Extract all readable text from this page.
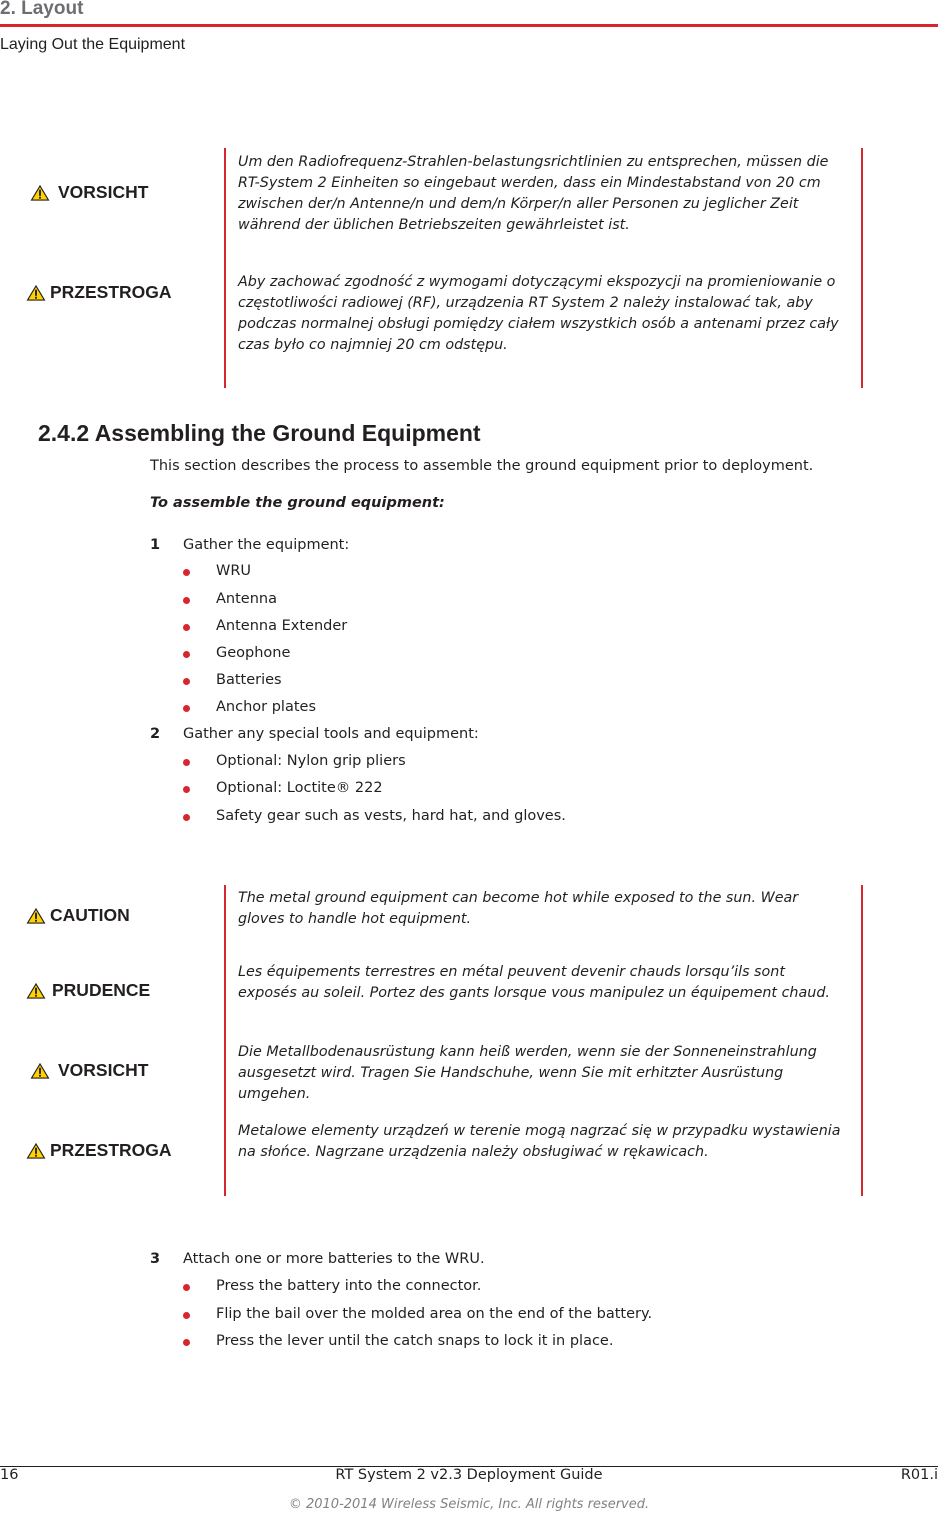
2. Layout
Laying Out the Equipment
VORSICHT
Um den Radiofrequenz-Strahlen-belastungsrichtlinien zu entsprechen, müssen die RT-System 2 Einheiten so eingebaut werden, dass ein Mindestabstand von 20 cm zwischen der/n Antenne/n und dem/n Körper/n aller Personen zu jeglicher Zeit während der üblichen Betriebszeiten gewährleistet ist.
PRZESTROGA	Aby zachować zgodność z wymogami dotyczącymi ekspozycji na promieniowanie o częstotliwości radiowej (RF), urządzenia RT System 2 należy instalować tak, aby podczas normalnej obsługi pomiędzy ciałem wszystkich osób a antenami przez cały czas było co najmniej 20 cm odstępu.
2.4.2 Assembling the Ground Equipment
This section describes the process to assemble the ground equipment prior to deployment.
To assemble the ground equipment:
1 Gather the equipment:
WRU
Antenna
Antenna Extender
Geophone
Batteries
Anchor plates
2 Gather any special tools and equipment:
Optional: Nylon grip pliers
Optional: Loctite® 222
Safety gear such as vests, hard hat, and gloves.
CAUTION
The metal ground equipment can become hot while exposed to the sun. Wear gloves to handle hot equipment.
PRUDENCE
Les équipements terrestres en métal peuvent devenir chauds lorsqu’ils sont exposés au soleil. Portez des gants lorsque vous manipulez un équipement chaud.
VORSICHT
Die Metallbodenausrüstung kann heiß werden, wenn sie der Sonneneinstrahlung ausgesetzt wird. Tragen Sie Handschuhe, wenn Sie mit erhitzter Ausrüstung umgehen.
PRZESTROGA
Metalowe elementy urządzeń w terenie mogą nagrzać się w przypadku wystawienia na słońce. Nagrzane urządzenia należy obsługiwać w rękawicach.
3 Attach one or more batteries to the WRU.
Press the battery into the connector.
Flip the bail over the molded area on the end of the battery.
Press the lever until the catch snaps to lock it in place.
16	RT System 2 v2.3 Deployment Guide	R01.i
© 2010-2014 Wireless Seismic, Inc. All rights reserved.
